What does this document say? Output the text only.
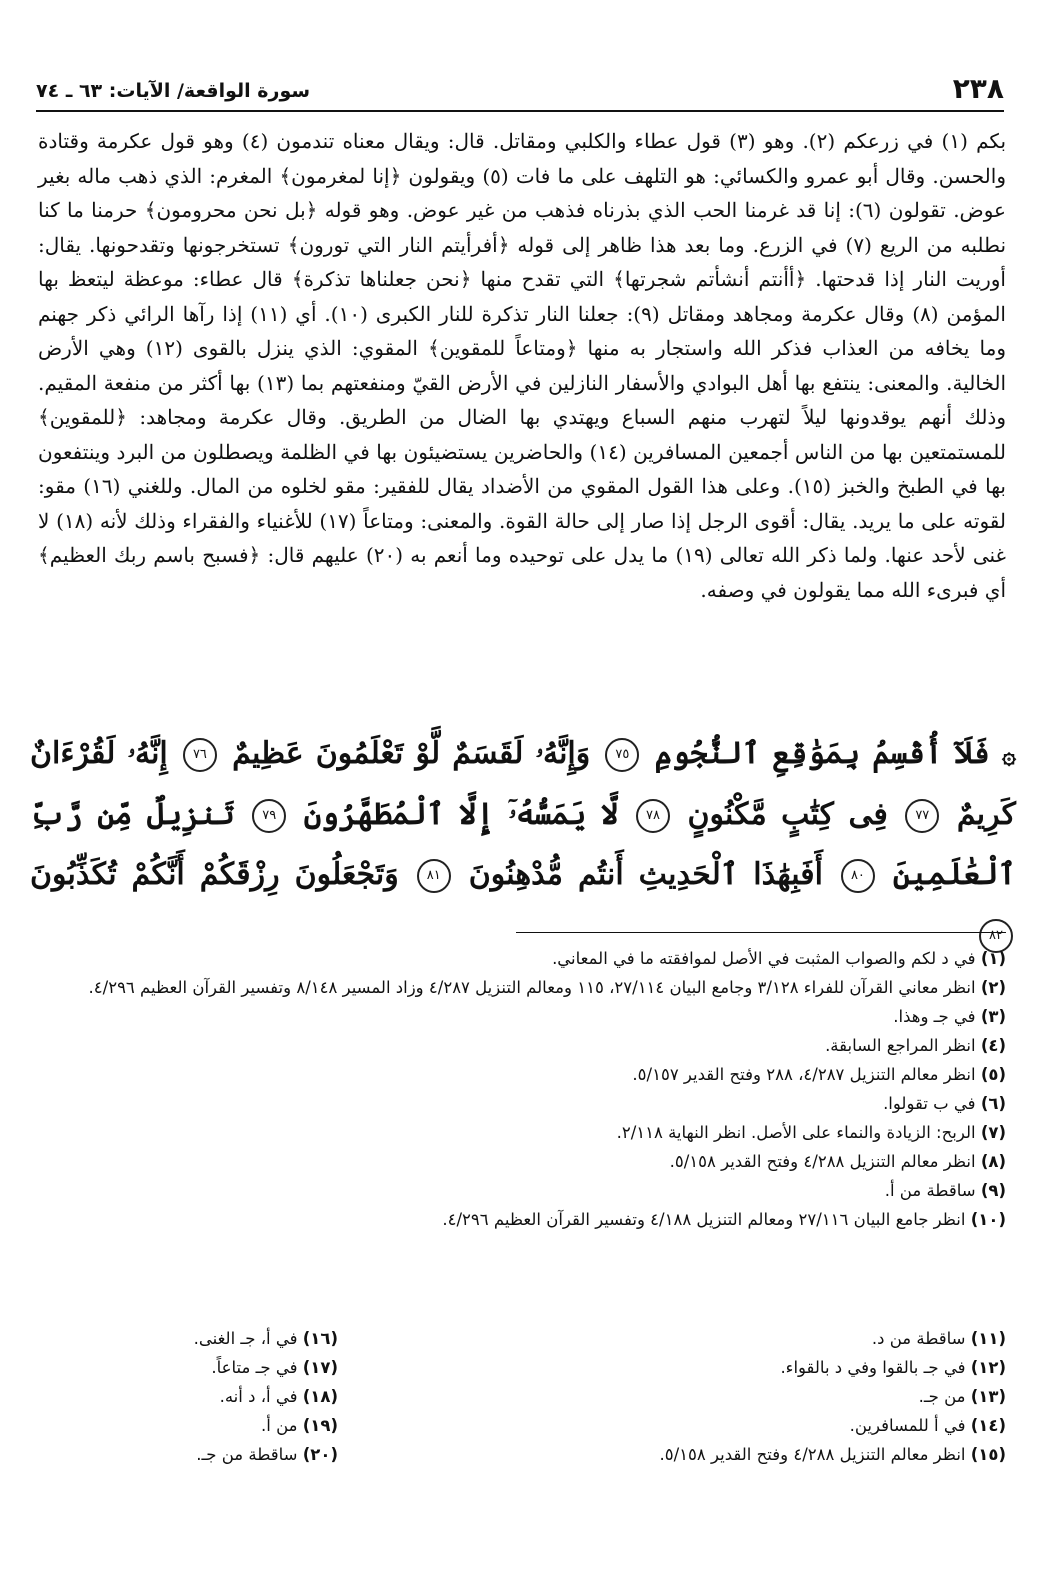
٢٣٨
سورة الواقعة/ الآيات: ٦٣ ـ ٧٤

بكم (١) في زرعكم (٢). وهو (٣) قول عطاء والكلبي ومقاتل. قال: ويقال معناه تندمون (٤) وهو قول عكرمة وقتادة والحسن. وقال أبو عمرو والكسائي: هو التلهف على ما فات (٥) ويقولون ﴿إنا لمغرمون﴾ المغرم: الذي ذهب ماله بغير عوض. تقولون (٦): إنا قد غرمنا الحب الذي بذرناه فذهب من غير عوض. وهو قوله ﴿بل نحن محرومون﴾ حرمنا ما كنا نطلبه من الريع (٧) في الزرع. وما بعد هذا ظاهر إلى قوله ﴿أفرأيتم النار التي تورون﴾ تستخرجونها وتقدحونها. يقال: أوريت النار إذا قدحتها. ﴿أأنتم أنشأتم شجرتها﴾ التي تقدح منها ﴿نحن جعلناها تذكرة﴾ قال عطاء: موعظة ليتعظ بها المؤمن (٨) وقال عكرمة ومجاهد ومقاتل (٩): جعلنا النار تذكرة للنار الكبرى (١٠). أي (١١) إذا رآها الرائي ذكر جهنم وما يخافه من العذاب فذكر الله واستجار به منها ﴿ومتاعاً للمقوين﴾ المقوي: الذي ينزل بالقوى (١٢) وهي الأرض الخالية. والمعنى: ينتفع بها أهل البوادي والأسفار النازلين في الأرض القيّ ومنفعتهم بما (١٣) بها أكثر من منفعة المقيم. وذلك أنهم يوقدونها ليلاً لتهرب منهم السباع ويهتدي بها الضال من الطريق. وقال عكرمة ومجاهد: ﴿للمقوين﴾ للمستمتعين بها من الناس أجمعين المسافرين (١٤) والحاضرين يستضيئون بها في الظلمة ويصطلون من البرد وينتفعون بها في الطبخ والخبز (١٥). وعلى هذا القول المقوي من الأضداد يقال للفقير: مقو لخلوه من المال. وللغني (١٦) مقو: لقوته على ما يريد. يقال: أقوى الرجل إذا صار إلى حالة القوة. والمعنى: ومتاعاً (١٧) للأغنياء والفقراء وذلك لأنه (١٨) لا غنى لأحد عنها. ولما ذكر الله تعالى (١٩) ما يدل على توحيده وما أنعم به (٢٠) عليهم قال: ﴿فسبح باسم ربك العظيم﴾ أي فبرىء الله مما يقولون في وصفه.

۞ فَلَآ أُقْسِمُ بِمَوَٰقِعِ ٱلنُّجُومِ ٧٥ وَإِنَّهُۥ لَقَسَمٌ لَّوْ تَعْلَمُونَ عَظِيمٌ ٧٦ إِنَّهُۥ لَقُرْءَانٌ كَرِيمٌ ٧٧ فِى كِتَٰبٍ مَّكْنُونٍ ٧٨ لَّا يَمَسُّهُۥٓ إِلَّا ٱلْمُطَهَّرُونَ ٧٩ تَنزِيلٌ مِّن رَّبِّ ٱلْعَٰلَمِينَ ٨٠ أَفَبِهَٰذَا ٱلْحَدِيثِ أَنتُم مُّدْهِنُونَ ٨١ وَتَجْعَلُونَ رِزْقَكُمْ أَنَّكُمْ تُكَذِّبُونَ ٨٢
(١) في د لكم والصواب المثبت في الأصل لموافقته ما في المعاني.
(٢) انظر معاني القرآن للفراء ٣/١٢٨ وجامع البيان ٢٧/١١٤، ١١٥ ومعالم التنزيل ٤/٢٨٧ وزاد المسير ٨/١٤٨ وتفسير القرآن العظيم ٤/٢٩٦.
(٣) في جـ وهذا.
(٤) انظر المراجع السابقة.
(٥) انظر معالم التنزيل ٤/٢٨٧، ٢٨٨ وفتح القدير ٥/١٥٧.
(٦) في ب تقولوا.
(٧) الربح: الزيادة والنماء على الأصل. انظر النهاية ٢/١١٨.
(٨) انظر معالم التنزيل ٤/٢٨٨ وفتح القدير ٥/١٥٨.
(٩) ساقطة من أ.
(١٠) انظر جامع البيان ٢٧/١١٦ ومعالم التنزيل ٤/١٨٨ وتفسير القرآن العظيم ٤/٢٩٦.
(١١) ساقطة من د.
(١٢) في جـ بالقوا وفي د بالقواء.
(١٣) من جـ.
(١٤) في أ للمسافرين.
(١٥) انظر معالم التنزيل ٤/٢٨٨ وفتح القدير ٥/١٥٨.
(١٦) في أ، جـ الغنى.
(١٧) في جـ متاعاً.
(١٨) في أ، د أنه.
(١٩) من أ.
(٢٠) ساقطة من جـ.
